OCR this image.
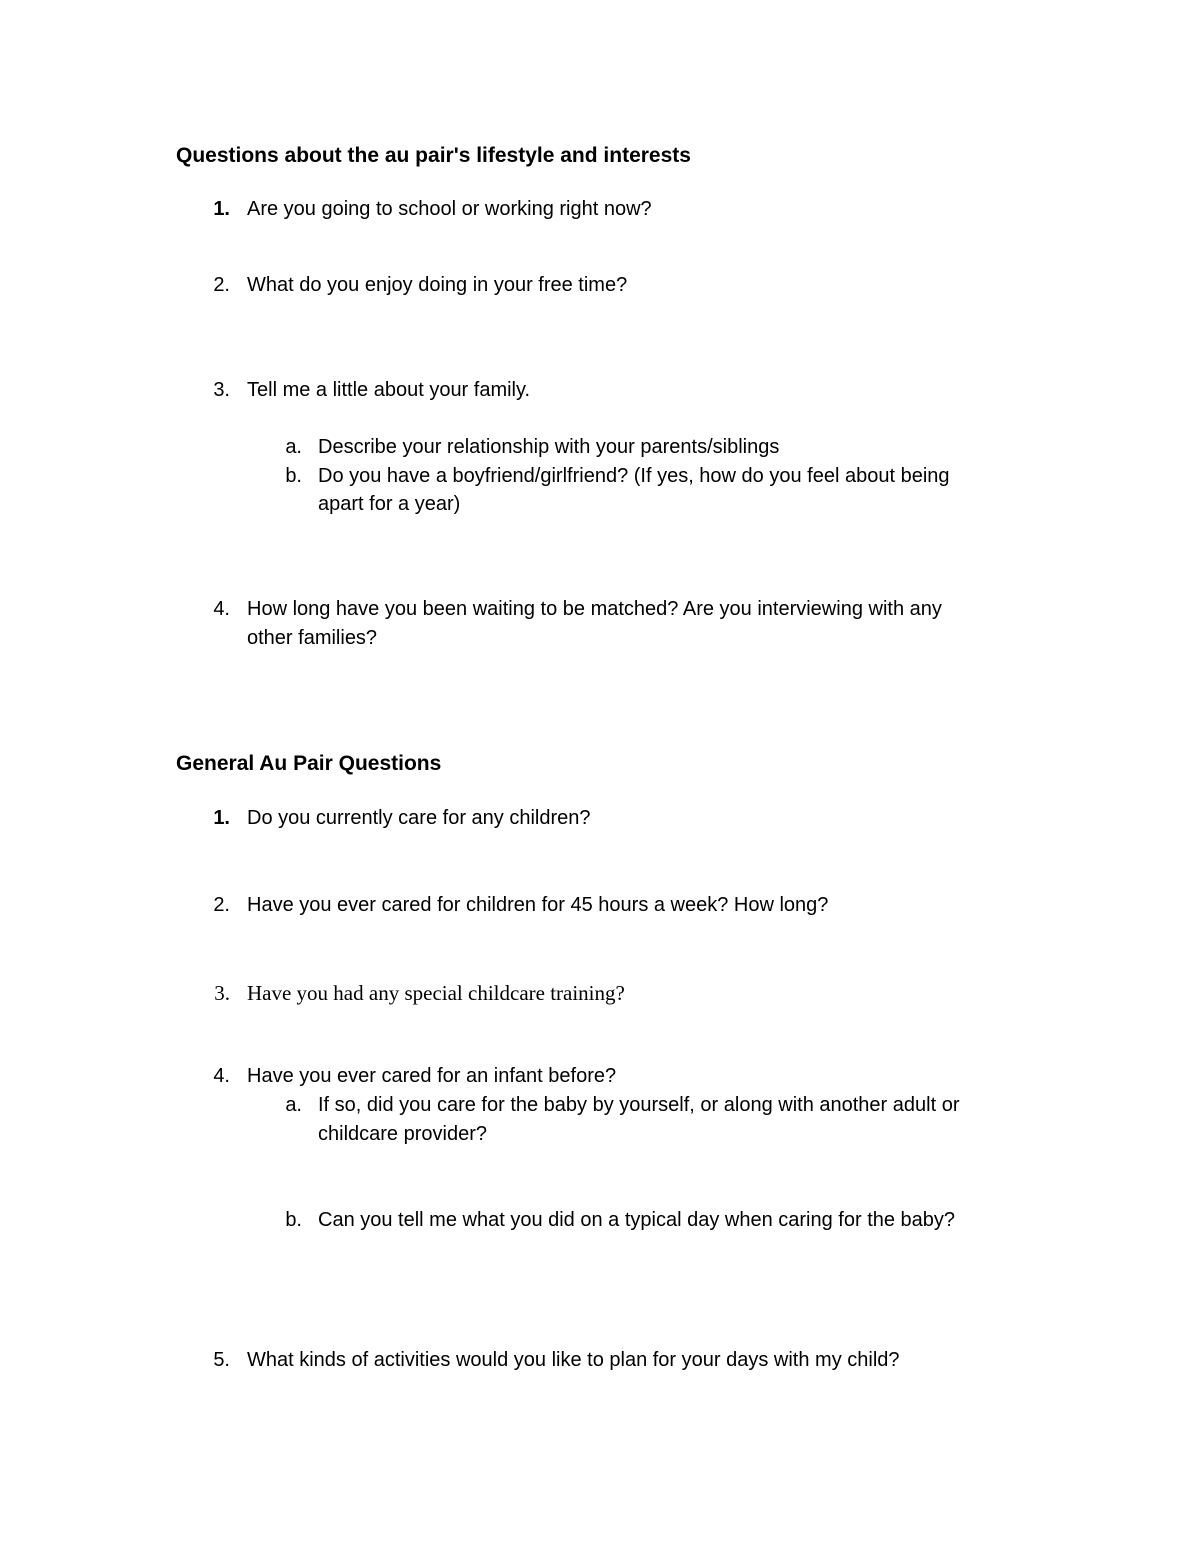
Questions about the au pair's lifestyle and interests

1. Are you going to school or working right now?
2. What do you enjoy doing in your free time?
3. Tell me a little about your family.
a. Describe your relationship with your parents/siblings
b. Do you have a boyfriend/girlfriend? (If yes, how do you feel about being
apart for a year)
4. How long have you been waiting to be matched? Are you interviewing with any
other families?

General Au Pair Questions

1. Do you currently care for any children?
2. Have you ever cared for children for 45 hours a week? How long?
3. Have you had any special childcare training?
4. Have you ever cared for an infant before?
a. If so, did you care for the baby by yourself, or along with another adult or
childcare provider?
b. Can you tell me what you did on a typical day when caring for the baby?
5. What kinds of activities would you like to plan for your days with my child?
